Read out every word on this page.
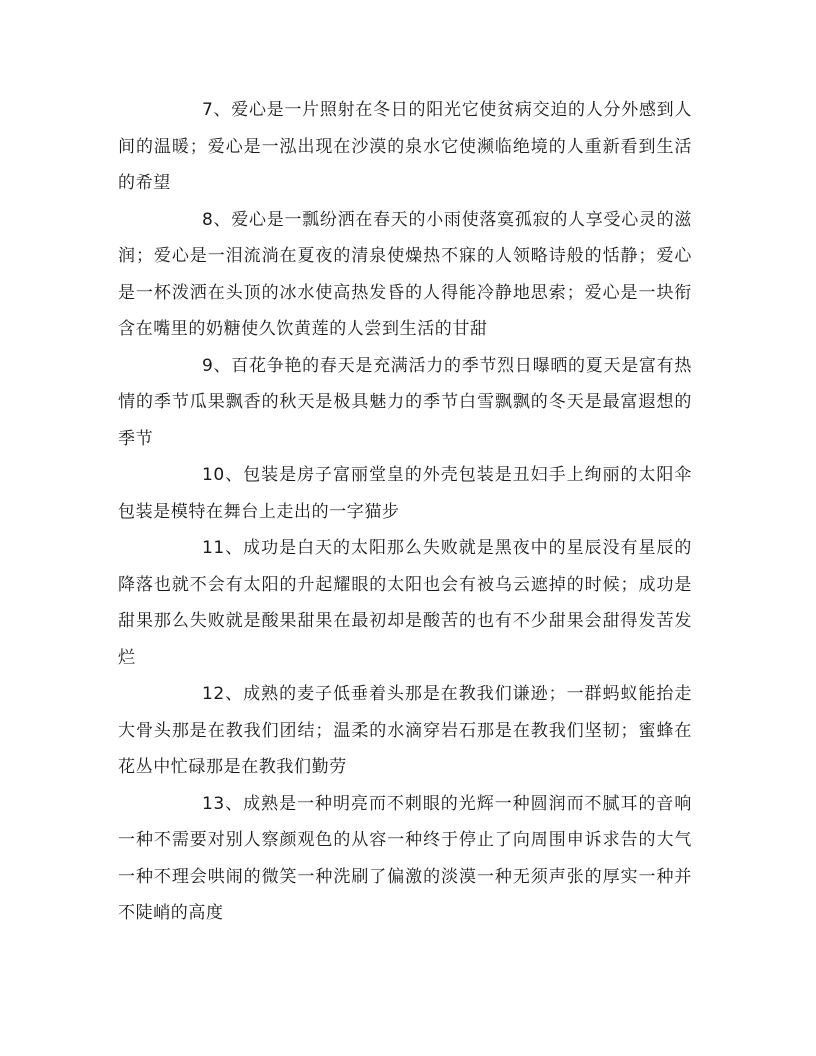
7、爱心是一片照射在冬日的阳光它使贫病交迫的人分外感到人间的温暖；爱心是一泓出现在沙漠的泉水它使濒临绝境的人重新看到生活的希望

8、爱心是一瓢纷洒在春天的小雨使落寞孤寂的人享受心灵的滋润；爱心是一泪流淌在夏夜的清泉使燥热不寐的人领略诗般的恬静；爱心是一杯泼洒在头顶的冰水使高热发昏的人得能冷静地思索；爱心是一块衔含在嘴里的奶糖使久饮黄莲的人尝到生活的甘甜

9、百花争艳的春天是充满活力的季节烈日曝晒的夏天是富有热情的季节瓜果飘香的秋天是极具魅力的季节白雪飘飘的冬天是最富遐想的季节

10、包装是房子富丽堂皇的外壳包装是丑妇手上绚丽的太阳伞包装是模特在舞台上走出的一字猫步

11、成功是白天的太阳那么失败就是黑夜中的星辰没有星辰的降落也就不会有太阳的升起耀眼的太阳也会有被乌云遮掉的时候；成功是甜果那么失败就是酸果甜果在最初却是酸苦的也有不少甜果会甜得发苦发烂

12、成熟的麦子低垂着头那是在教我们谦逊；一群蚂蚁能抬走大骨头那是在教我们团结；温柔的水滴穿岩石那是在教我们坚韧；蜜蜂在花丛中忙碌那是在教我们勤劳

13、成熟是一种明亮而不刺眼的光辉一种圆润而不腻耳的音响一种不需要对别人察颜观色的从容一种终于停止了向周围申诉求告的大气一种不理会哄闹的微笑一种洗刷了偏激的淡漠一种无须声张的厚实一种并不陡峭的高度
